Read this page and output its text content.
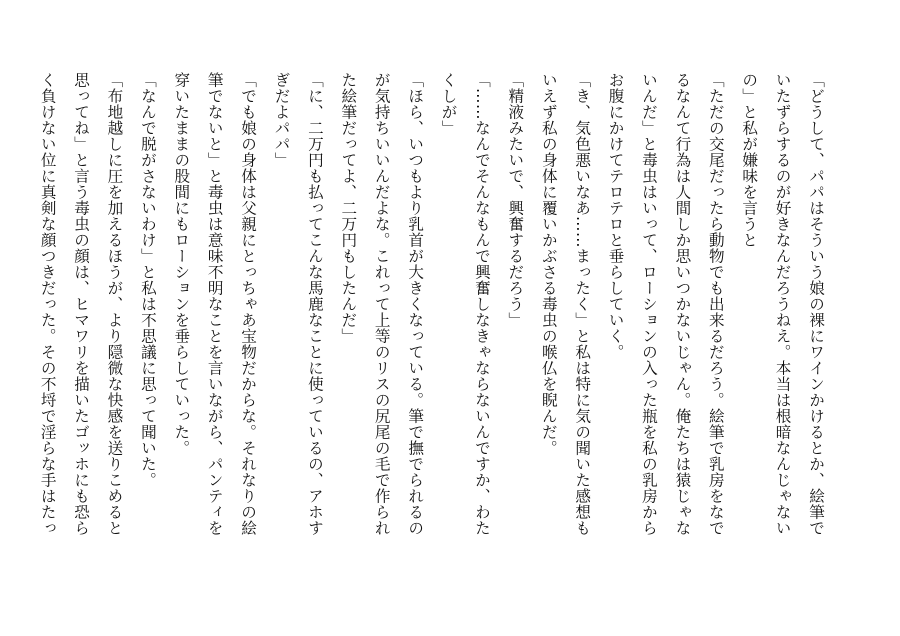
「どうして、パパはそういう娘の裸にワインかけるとか、絵筆で
いたずらするのが好きなんだろうねえ。本当は根暗なんじゃない
の」と私が嫌味を言うと
「ただの交尾だったら動物でも出来るだろう。絵筆で乳房をなで
るなんて行為は人間しか思いつかないじゃん。俺たちは猿じゃな
いんだ」と毒虫はいって、ローションの入った瓶を私の乳房から
お腹にかけてテロテロと垂らしていく。
「き、気色悪いなあ……まったく」と私は特に気の聞いた感想も
いえず私の身体に覆いかぶさる毒虫の喉仏を睨んだ。
「精液みたいで、興奮するだろう」
「……なんでそんなもんで興奮しなきゃならないんですか、わた
くしが」
「ほら、いつもより乳首が大きくなっている。筆で撫でられるの
が気持ちいいんだよな。これって上等のリスの尻尾の毛で作られ
た絵筆だってよ、二万円もしたんだ」
「に、二万円も払ってこんな馬鹿なことに使っているの、アホす
ぎだよパパ」
「でも娘の身体は父親にとっちゃあ宝物だからな。それなりの絵
筆でないと」と毒虫は意味不明なことを言いながら、パンティを
穿いたままの股間にもローションを垂らしていった。
「なんで脱がさないわけ」と私は不思議に思って聞いた。
「布地越しに圧を加えるほうが、より隠微な快感を送りこめると
思ってね」と言う毒虫の顔は、ヒマワリを描いたゴッホにも恐ら
く負けない位に真剣な顔つきだった。その不埒で淫らな手はたっ
